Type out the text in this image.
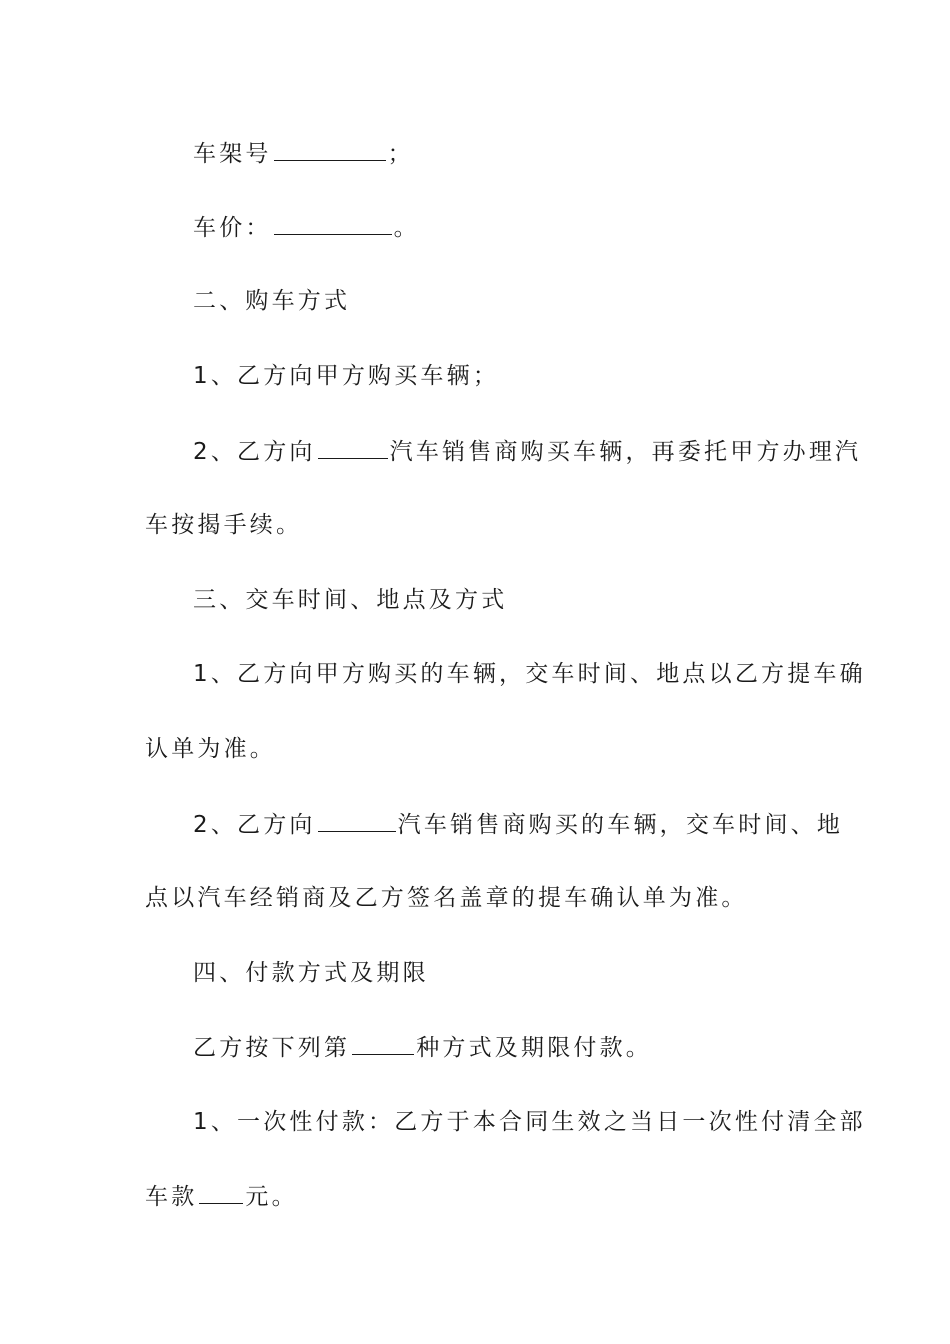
车架号	；
车价：	。
二、购车方式
1、乙方向甲方购买车辆；
2、乙方向	汽车销售商购买车辆，再委托甲方办理汽
车按揭手续。
三、交车时间、地点及方式
1、乙方向甲方购买的车辆，交车时间、地点以乙方提车确
认单为准。
2、乙方向	汽车销售商购买的车辆，交车时间、地
点以汽车经销商及乙方签名盖章的提车确认单为准。
四、付款方式及期限
乙方按下列第	种方式及期限付款。
1、一次性付款：乙方于本合同生效之当日一次性付清全部
车款 元。
